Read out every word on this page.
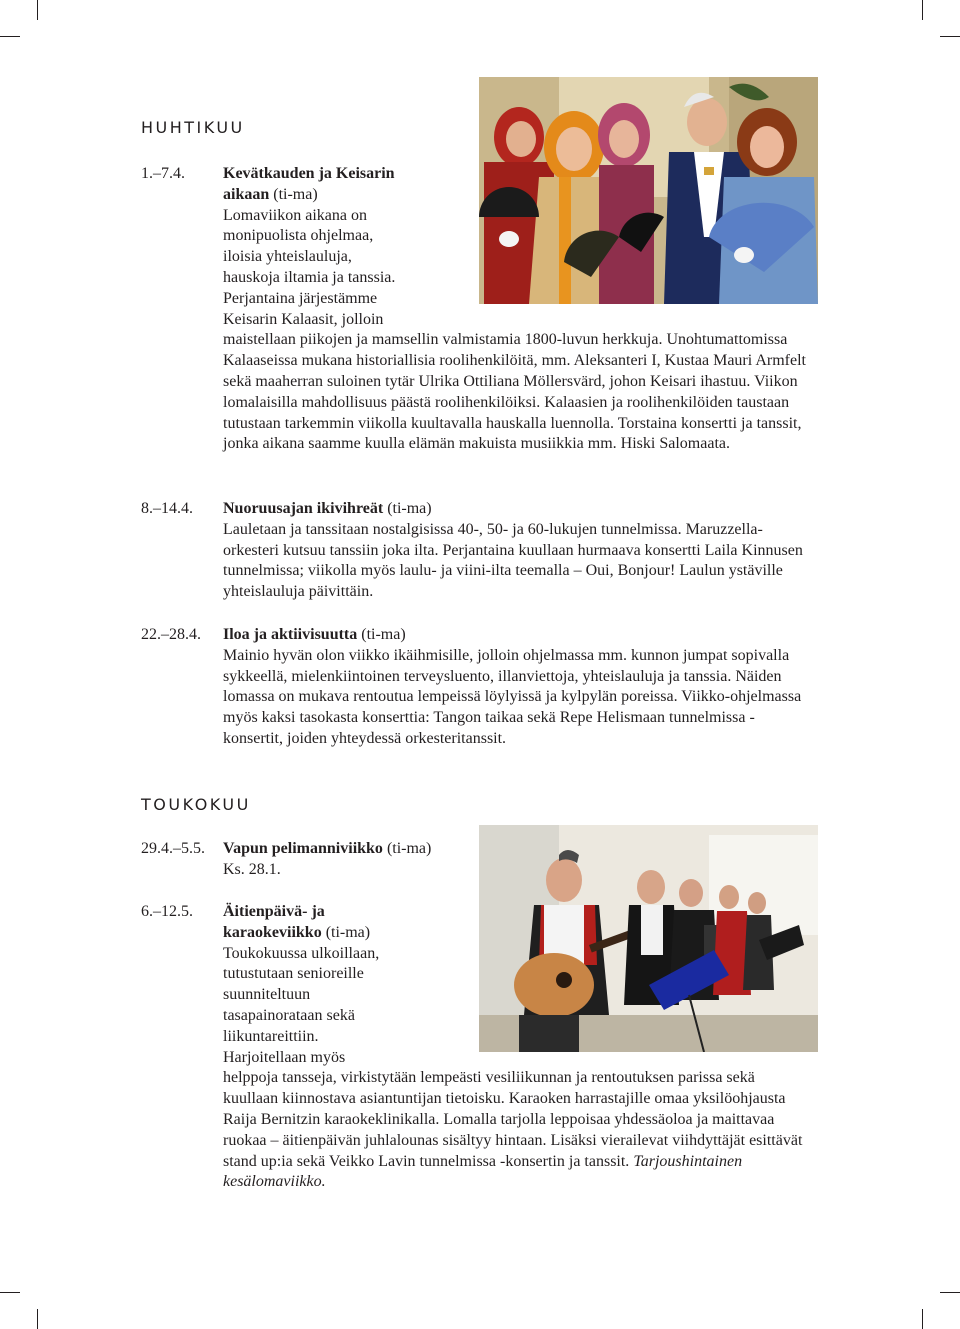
HUHTIKUU
1.–7.4.	Kevätkauden ja Keisarin aikaan (ti-ma)
Lomaviikon aikana on monipuolista ohjelmaa, iloisia yhteislauluja, hauskoja iltamia ja tanssia. Perjantaina järjestämme Keisarin Kalaasit, jolloin maistellaan piikojen ja mamsellin valmistamia 1800-luvun herkkuja. Unohtumattomissa Kalaaseissa mukana historiallisia roolihenkilöitä, mm. Aleksanteri I, Kustaa Mauri Armfelt sekä maaherran suloinen tytär Ulrika Ottiliana Möllersvärd, johon Keisari ihastuu. Viikon lomalaisilla mahdollisuus päästä roolihenkilöiksi. Kalaasien ja roolihenkilöiden taustaan tutustaan tarkemmin viikolla kuultavalla hauskalla luennolla. Torstaina konsertti ja tanssit, jonka aikana saamme kuulla elämän makuista musiikkia mm. Hiski Salomaata.

8.–14.4.	Nuoruusajan ikivihreät (ti-ma)
Lauletaan ja tanssitaan nostalgisissa 40-, 50- ja 60-lukujen tunnelmissa. Maruzzella-orkesteri kutsuu tanssiin joka ilta. Perjantaina kuullaan hurmaava konsertti Laila Kinnusen tunnelmissa; viikolla myös laulu- ja viini-ilta teemalla – Oui, Bonjour! Laulun ystäville yhteislauluja päivittäin.

22.–28.4.	Iloa ja aktiivisuutta (ti-ma)
Mainio hyvän olon viikko ikäihmisille, jolloin ohjelmassa mm. kunnon jumpat sopivalla sykkeellä, mielenkiintoinen terveysluento, illanviettoja, yhteislauluja ja tanssia. Näiden lomassa on mukava rentoutua lempeissä löylyissä ja kylpylän poreissa. Viikko-ohjelmassa myös kaksi tasokasta konserttia: Tangon taikaa sekä Repe Helismaan tunnelmissa -konsertit, joiden yhteydessä orkesteritanssit.

TOUKOKUU
29.4.–5.5.	Vapun pelimanniviikko (ti-ma)
Ks. 28.1.

6.–12.5.	Äitienpäivä- ja karaokeviikko (ti-ma)
Toukokuussa ulkoillaan, tutustutaan senioreille suunniteltuun tasapainorataan sekä liikuntareittiin. Harjoitellaan myös helppoja tansseja, virkistytään lempeästi vesiliikunnan ja rentoutuksen parissa sekä kuullaan kiinnostava asiantuntijan tietoisku. Karaoken harrastajille omaa yksilöohjausta Raija Bernitzin karaokeklinikalla. Lomalla tarjolla leppoisaa yhdessäoloa ja maittavaa ruokaa – äitienpäivän juhlalounas sisältyy hintaan. Lisäksi vierailevat viihdyttäjät esittävät stand up:ia sekä Veikko Lavin tunnelmissa -konsertin ja tanssit. Tarjoushintainen kesälomaviikko.
